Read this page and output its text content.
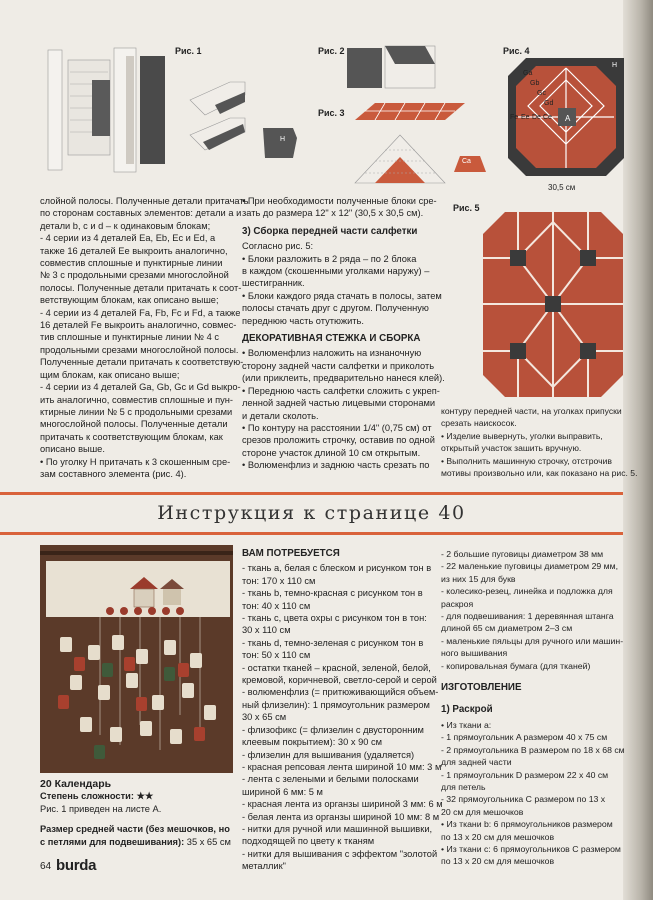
Рис. 1
H
Рис. 2
Рис. 3
Ca
Рис. 4
Ga
Gb
Gc
Gd
Fe Ee De Ce A
H
30,5 см
Рис. 5

слойной полосы. Полученные детали притачать

по сторонам составных элементов: детали a и

детали b, c и d – к одинаковым блокам;

- 4 серии из 4 деталей Ea, Eb, Ec и Ed, а

также 16 деталей Ee выкроить аналогично,

совместив сплошные и пунктирные линии

№ 3 с продольными срезами многослойной

полосы. Полученные детали притачать к соот-

ветствующим блокам, как описано выше;

- 4 серии из 4 деталей Fa, Fb, Fc и Fd, а также

16 деталей Fe выкроить аналогично, совмес-

тив сплошные и пунктирные линии № 4 с

продольными срезами многослойной полосы.

Полученные детали притачать к соответствую-

щим блокам, как описано выше;

- 4 серии из 4 деталей Ga, Gb, Gc и Gd выкро-

ить аналогично, совместив сплошные и пун-

ктирные линии № 5 с продольными срезами

многослойной полосы. Полученные детали

притачать к соответствующим блокам, как

описано выше.

• По уголку H притачать к 3 скошенным сре-

зам составного элемента (рис. 4).

• При необходимости полученные блоки сре-

зать до размера 12" x 12" (30,5 x 30,5 см).

3) Сборка передней части салфетки

Согласно рис. 5:

• Блоки разложить в 2 ряда – по 2 блока

в каждом (скошенными уголками наружу) –

шестигранник.

• Блоки каждого ряда стачать в полосы, затем

полосы стачать друг с другом. Полученную

переднюю часть отутюжить.

ДЕКОРАТИВНАЯ СТЕЖКА И СБОРКА

• Волюменфлиз наложить на изнаночную

сторону задней части салфетки и приколоть

(или приклеить, предварительно нанеся клей).

• Переднюю часть салфетки сложить с укреп-

ленной задней частью лицевыми сторонами

и детали сколоть.

• По контуру на расстоянии 1/4" (0,75 см) от

срезов проложить строчку, оставив по одной

стороне участок длиной 10 см открытым.

• Волюменфлиз и заднюю часть срезать по

контуру передней части, на уголках припуски

срезать наискосок.

• Изделие вывернуть, уголки выправить,

открытый участок зашить вручную.

• Выполнить машинную строчку, отстрочив

мотивы произвольно или, как показано на рис. 5.

Инструкция к странице 40

20 Календарь

Степень сложности: ★★

Рис. 1 приведен на листе А.

Размер средней части (без мешочков, но

с петлями для подвешивания): 35 x 65 см

ВАМ ПОТРЕБУЕТСЯ

- ткань a, белая с блеском и рисунком тон в

тон: 170 x 110 см

- ткань b, темно-красная с рисунком тон в

тон: 40 x 110 см

- ткань c, цвета охры с рисунком тон в тон:

30 x 110 см

- ткань d, темно-зеленая с рисунком тон в

тон: 50 x 110 см

- остатки тканей – красной, зеленой, белой,

кремовой, коричневой, светло-серой и серой

- волюменфлиз (= притюживающийся объем-

ный флизелин): 1 прямоугольник размером

30 x 65 см

- флизофикс (= флизелин с двусторонним

клеевым покрытием): 30 x 90 см

- флизелин для вышивания (удаляется)

- красная репсовая лента шириной 10 мм: 3 м

- лента с зелеными и белыми полосками

шириной 6 мм: 5 м

- красная лента из органзы шириной 3 мм: 6 м

- белая лента из органзы шириной 10 мм: 8 м

- нитки для ручной или машинной вышивки,

подходящей по цвету к тканям

- нитки для вышивания с эффектом "золотой

металлик"

- 2 большие пуговицы диаметром 38 мм

- 22 маленькие пуговицы диаметром 29 мм,

из них 15 для букв

- колесико-резец, линейка и подложка для

раскроя

- для подвешивания: 1 деревянная штанга

длиной 65 см диаметром 2–3 см

- маленькие пяльцы для ручного или машин-

ного вышивания

- копировальная бумага (для тканей)

ИЗГОТОВЛЕНИЕ
1) Раскрой

• Из ткани a:

- 1 прямоугольник A размером 40 x 75 см

- 2 прямоугольника B размером по 18 x 68 см

для задней части

- 1 прямоугольник D размером 22 x 40 см

для петель

- 32 прямоугольника C размером по 13 x

20 см для мешочков

• Из ткани b: 6 прямоугольников размером

по 13 x 20 см для мешочков

• Из ткани c: 6 прямоугольников C размером

по 13 x 20 см для мешочков

64 burda
